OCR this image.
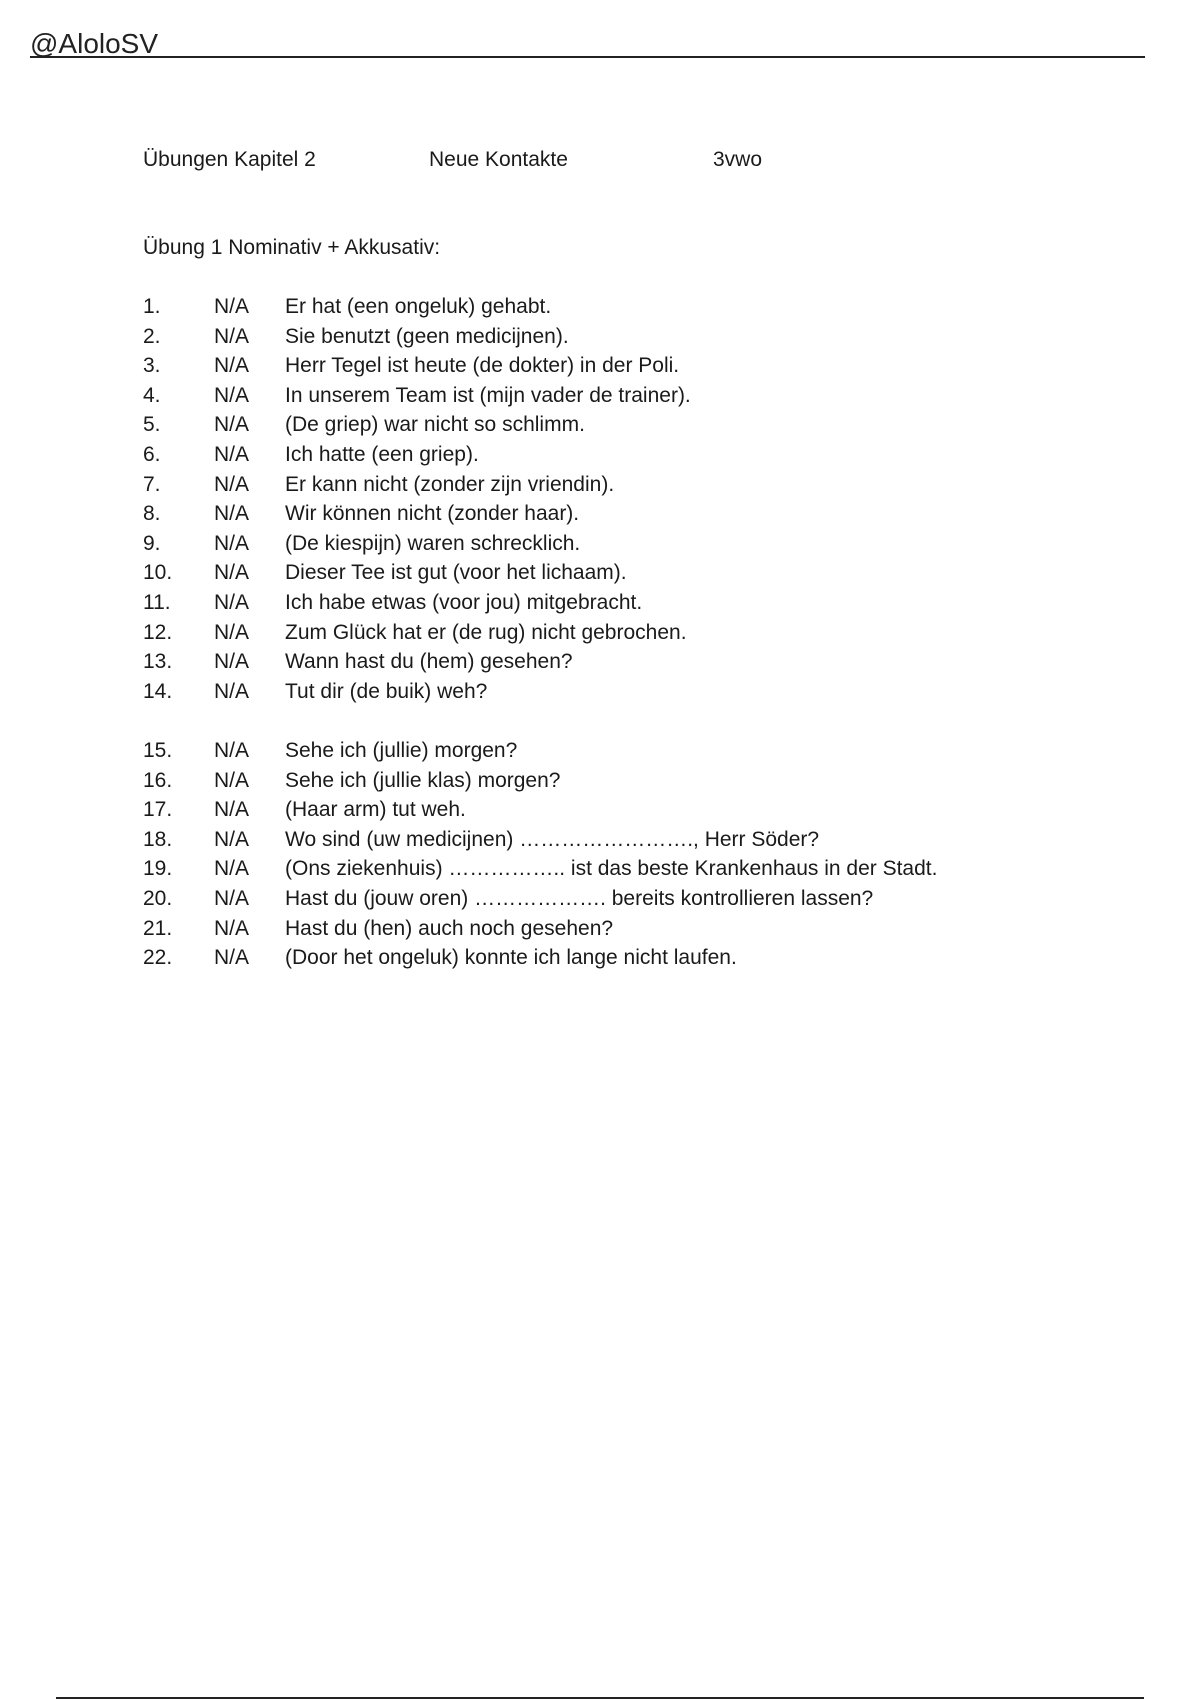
@AloloSV
Übungen Kapitel 2	Neue Kontakte	3vwo
Übung 1 Nominativ + Akkusativ:
1.	N/A Er hat (een ongeluk) gehabt.
2.	N/A Sie benutzt (geen medicijnen).
3.	N/A Herr Tegel ist heute (de dokter) in der Poli.
4.	N/A In unserem Team ist (mijn vader de trainer).
5.	N/A (De griep) war nicht so schlimm.
6.	N/A Ich hatte (een griep).
7.	N/A Er kann nicht (zonder zijn vriendin).
8.	N/A Wir können nicht (zonder haar).
9.	N/A (De kiespijn) waren schrecklich.
10. N/A Dieser Tee ist gut (voor het lichaam).
11. N/A Ich habe etwas (voor jou) mitgebracht.
12. N/A Zum Glück hat er (de rug) nicht gebrochen.
13. N/A Wann hast du (hem) gesehen?
14. N/A Tut dir (de buik) weh?
15. N/A Sehe ich (jullie) morgen?
16. N/A Sehe ich (jullie klas) morgen?
17. N/A (Haar arm) tut weh.
18. N/A Wo sind (uw medicijnen) ……………………., Herr Söder?
19. N/A (Ons ziekenhuis) …………….. ist das beste Krankenhaus in der Stadt.
20. N/A Hast du (jouw oren) ………………. bereits kontrollieren lassen?
21. N/A Hast du (hen) auch noch gesehen?
22. N/A (Door het ongeluk) konnte ich lange nicht laufen.
